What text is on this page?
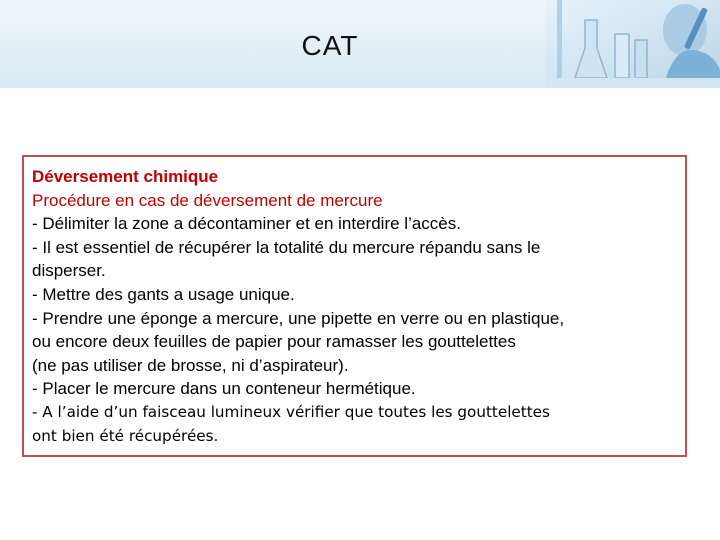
CAT
Déversement chimique
Procédure en cas de déversement de mercure
- Délimiter la zone a décontaminer et en interdire l’accès.
- Il est essentiel de récupérer la totalité du mercure répandu sans le
disperser.
- Mettre des gants a usage unique.
- Prendre une éponge a mercure, une pipette en verre ou en plastique,
ou encore deux feuilles de papier pour ramasser les gouttelettes
(ne pas utiliser de brosse, ni d’aspirateur).
- Placer le mercure dans un conteneur hermétique.
- A l’aide d’un faisceau lumineux vérifier que toutes les gouttelettes
ont bien été récupérées.
